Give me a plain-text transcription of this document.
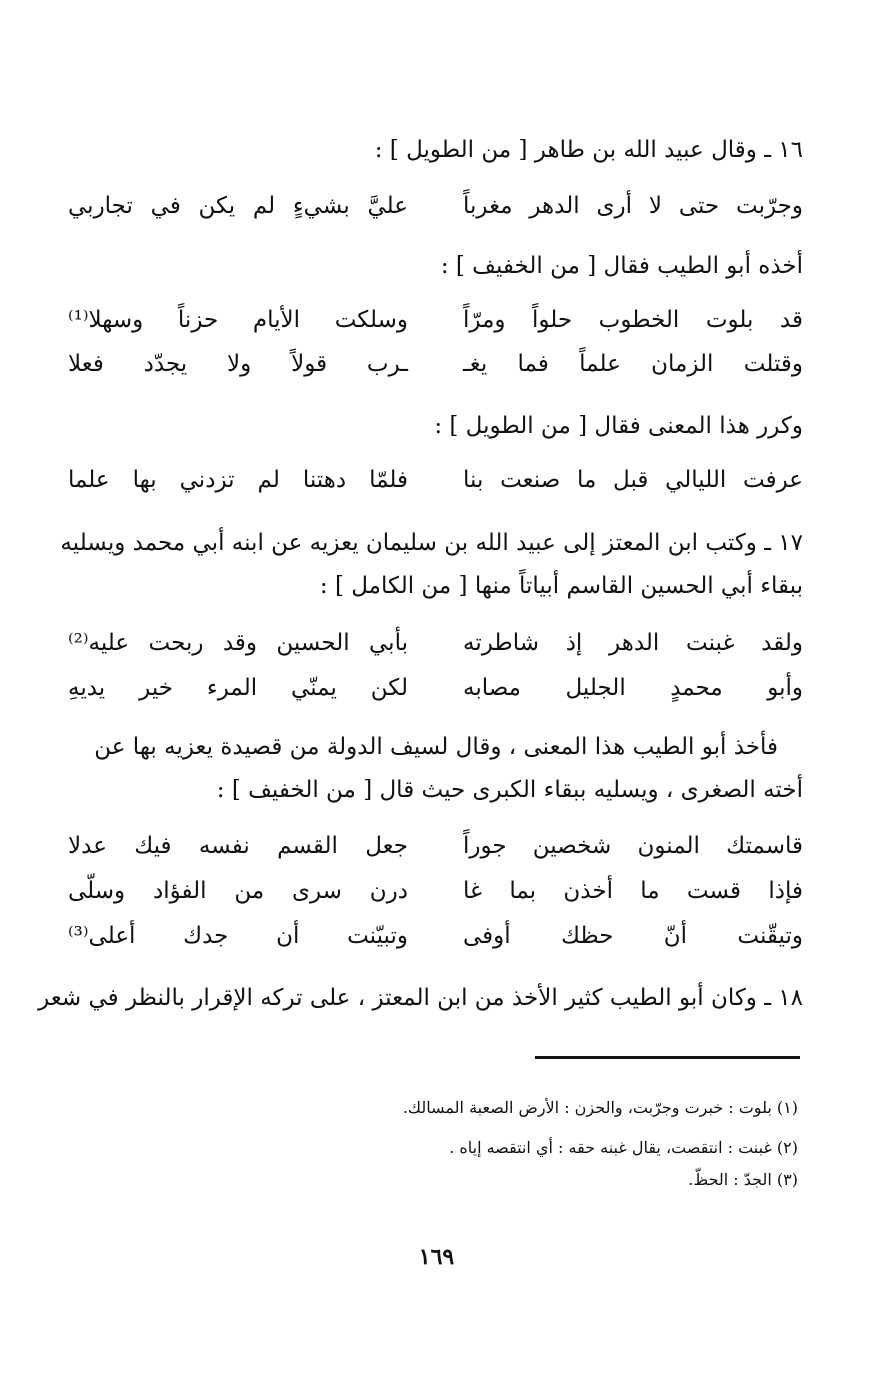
١٦ ـ وقال عبيد الله بن طاهر [ من الطويل ] :
وجرّبت حتى لا أرى الدهر مغرباً
عليَّ بشيءٍ لم يكن في تجاربي
أخذه أبو الطيب فقال [ من الخفيف ] :
قد بلوت الخطوب حلواً ومرّاً
وسلكت الأيام حزناً وسهلا⁽¹⁾
وقتلت الزمان علماً فما يغـ
ـرب قولاً ولا يجدّد فعلا
وكرر هذا المعنى فقال [ من الطويل ] :
عرفت الليالي قبل ما صنعت بنا
فلمّا دهتنا لم تزدني بها علما
١٧ ـ وكتب ابن المعتز إلى عبيد الله بن سليمان يعزيه عن ابنه أبي محمد ويسليه
ببقاء أبي الحسين القاسم أبياتاً منها [ من الكامل ] :
ولقد غبنت الدهر إذ شاطرته
بأبي الحسين وقد ربحت عليه⁽²⁾
وأبو محمدٍ الجليل مصابه
لكن يمنّي المرء خير يديهِ
فأخذ أبو الطيب هذا المعنى ، وقال لسيف الدولة من قصيدة يعزيه بها عن
أخته الصغرى ، ويسليه ببقاء الكبرى حيث قال [ من الخفيف ] :
قاسمتك المنون شخصين جوراً
جعل القسم نفسه فيك عدلا
فإذا قست ما أخذن بما غا
درن سرى من الفؤاد وسلّى
وتيقّنت أنّ حظك أوفى
وتبيّنت أن جدك أعلى⁽³⁾
١٨ ـ وكان أبو الطيب كثير الأخذ من ابن المعتز ، على تركه الإقرار بالنظر في شعر
(١) بلوت : خبرت وجرّبت، والحزن : الأرض الصعبة المسالك.
(٢) غبنت : انتقصت، يقال غبنه حقه : أي انتقصه إياه .
(٣) الجدّ : الحظّ.
١٦٩
